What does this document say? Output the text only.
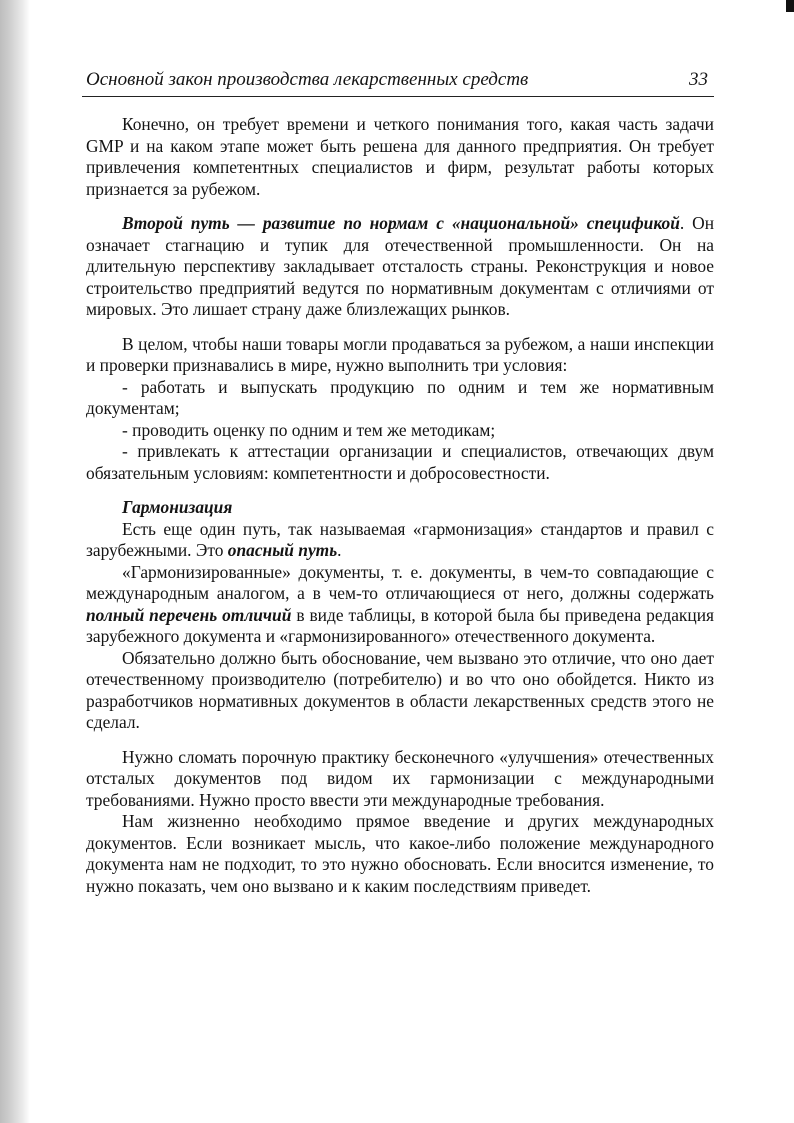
Основной закон производства лекарственных средств	33

Конечно, он требует времени и четкого понимания того, какая часть задачи GMP и на каком этапе может быть решена для данного предприятия. Он требует привлечения компетентных специалистов и фирм, результат работы которых признается за рубежом.

Второй путь — развитие по нормам с «национальной» спецификой. Он означает стагнацию и тупик для отечественной промышленности. Он на длительную перспективу закладывает отсталость страны. Реконструкция и новое строительство предприятий ведутся по нормативным документам с отличиями от мировых. Это лишает страну даже близлежащих рынков.

В целом, чтобы наши товары могли продаваться за рубежом, а наши инспекции и проверки признавались в мире, нужно выполнить три условия:

- работать и выпускать продукцию по одним и тем же нормативным документам;

- проводить оценку по одним и тем же методикам;

- привлекать к аттестации организации и специалистов, отвечающих двум обязательным условиям: компетентности и добросовестности.

Гармонизация

Есть еще один путь, так называемая «гармонизация» стандартов и правил с зарубежными. Это опасный путь.

«Гармонизированные» документы, т. е. документы, в чем-то совпадающие с международным аналогом, а в чем-то отличающиеся от него, должны содержать полный перечень отличий в виде таблицы, в которой была бы приведена редакция зарубежного документа и «гармонизированного» отечественного документа.

Обязательно должно быть обоснование, чем вызвано это отличие, что оно дает отечественному производителю (потребителю) и во что оно обойдется. Никто из разработчиков нормативных документов в области лекарственных средств этого не сделал.

Нужно сломать порочную практику бесконечного «улучшения» отечественных отсталых документов под видом их гармонизации с международными требованиями. Нужно просто ввести эти международные требования.

Нам жизненно необходимо прямое введение и других международных документов. Если возникает мысль, что какое-либо положение международного документа нам не подходит, то это нужно обосновать. Если вносится изменение, то нужно показать, чем оно вызвано и к каким последствиям приведет.
